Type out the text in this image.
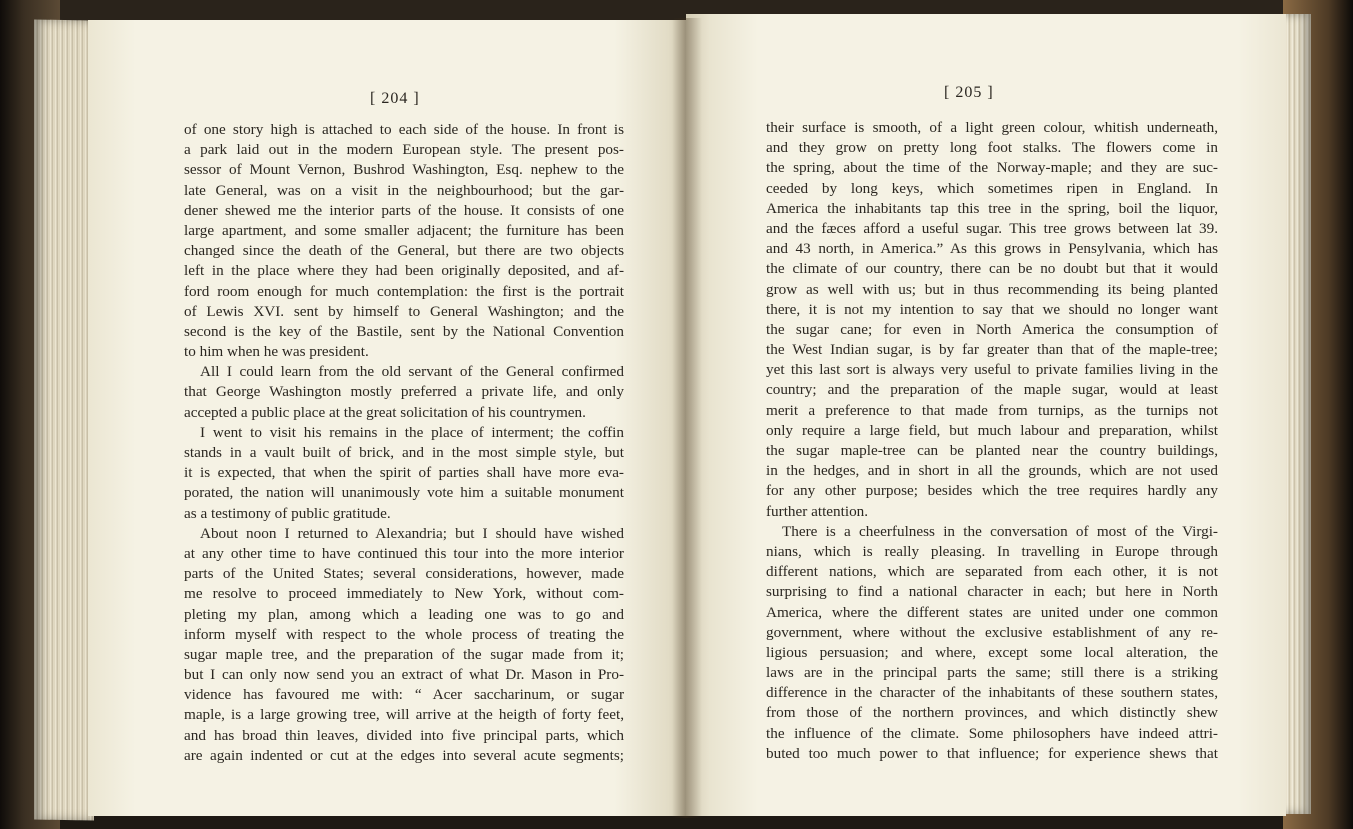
[ 204 ]
of one story high is attached to each side of the house. In front is
a park laid out in the modern European style. The present pos-
sessor of Mount Vernon, Bushrod Washington, Esq. nephew to the
late General, was on a visit in the neighbourhood; but the gar-
dener shewed me the interior parts of the house. It consists of one
large apartment, and some smaller adjacent; the furniture has been
changed since the death of the General, but there are two objects
left in the place where they had been originally deposited, and af-
ford room enough for much contemplation: the first is the portrait
of Lewis XVI. sent by himself to General Washington; and the
second is the key of the Bastile, sent by the National Convention
to him when he was president.
All I could learn from the old servant of the General confirmed
that George Washington mostly preferred a private life, and only
accepted a public place at the great solicitation of his countrymen.
I went to visit his remains in the place of interment; the coffin
stands in a vault built of brick, and in the most simple style, but
it is expected, that when the spirit of parties shall have more eva-
porated, the nation will unanimously vote him a suitable monument
as a testimony of public gratitude.
About noon I returned to Alexandria; but I should have wished
at any other time to have continued this tour into the more interior
parts of the United States; several considerations, however, made
me resolve to proceed immediately to New York, without com-
pleting my plan, among which a leading one was to go and
inform myself with respect to the whole process of treating the
sugar maple tree, and the preparation of the sugar made from it;
but I can only now send you an extract of what Dr. Mason in Pro-
vidence has favoured me with: “ Acer saccharinum, or sugar
maple, is a large growing tree, will arrive at the heigth of forty feet,
and has broad thin leaves, divided into five principal parts, which
are again indented or cut at the edges into several acute segments;
[ 205 ]
their surface is smooth, of a light green colour, whitish underneath,
and they grow on pretty long foot stalks. The flowers come in
the spring, about the time of the Norway-maple; and they are suc-
ceeded by long keys, which sometimes ripen in England. In
America the inhabitants tap this tree in the spring, boil the liquor,
and the fæces afford a useful sugar. This tree grows between lat 39.
and 43 north, in America.” As this grows in Pensylvania, which has
the climate of our country, there can be no doubt but that it would
grow as well with us; but in thus recommending its being planted
there, it is not my intention to say that we should no longer want
the sugar cane; for even in North America the consumption of
the West Indian sugar, is by far greater than that of the maple-tree;
yet this last sort is always very useful to private families living in the
country; and the preparation of the maple sugar, would at least
merit a preference to that made from turnips, as the turnips not
only require a large field, but much labour and preparation, whilst
the sugar maple-tree can be planted near the country buildings,
in the hedges, and in short in all the grounds, which are not used
for any other purpose; besides which the tree requires hardly any
further attention.
There is a cheerfulness in the conversation of most of the Virgi-
nians, which is really pleasing. In travelling in Europe through
different nations, which are separated from each other, it is not
surprising to find a national character in each; but here in North
America, where the different states are united under one common
government, where without the exclusive establishment of any re-
ligious persuasion; and where, except some local alteration, the
laws are in the principal parts the same; still there is a striking
difference in the character of the inhabitants of these southern states,
from those of the northern provinces, and which distinctly shew
the influence of the climate. Some philosophers have indeed attri-
buted too much power to that influence; for experience shews that
